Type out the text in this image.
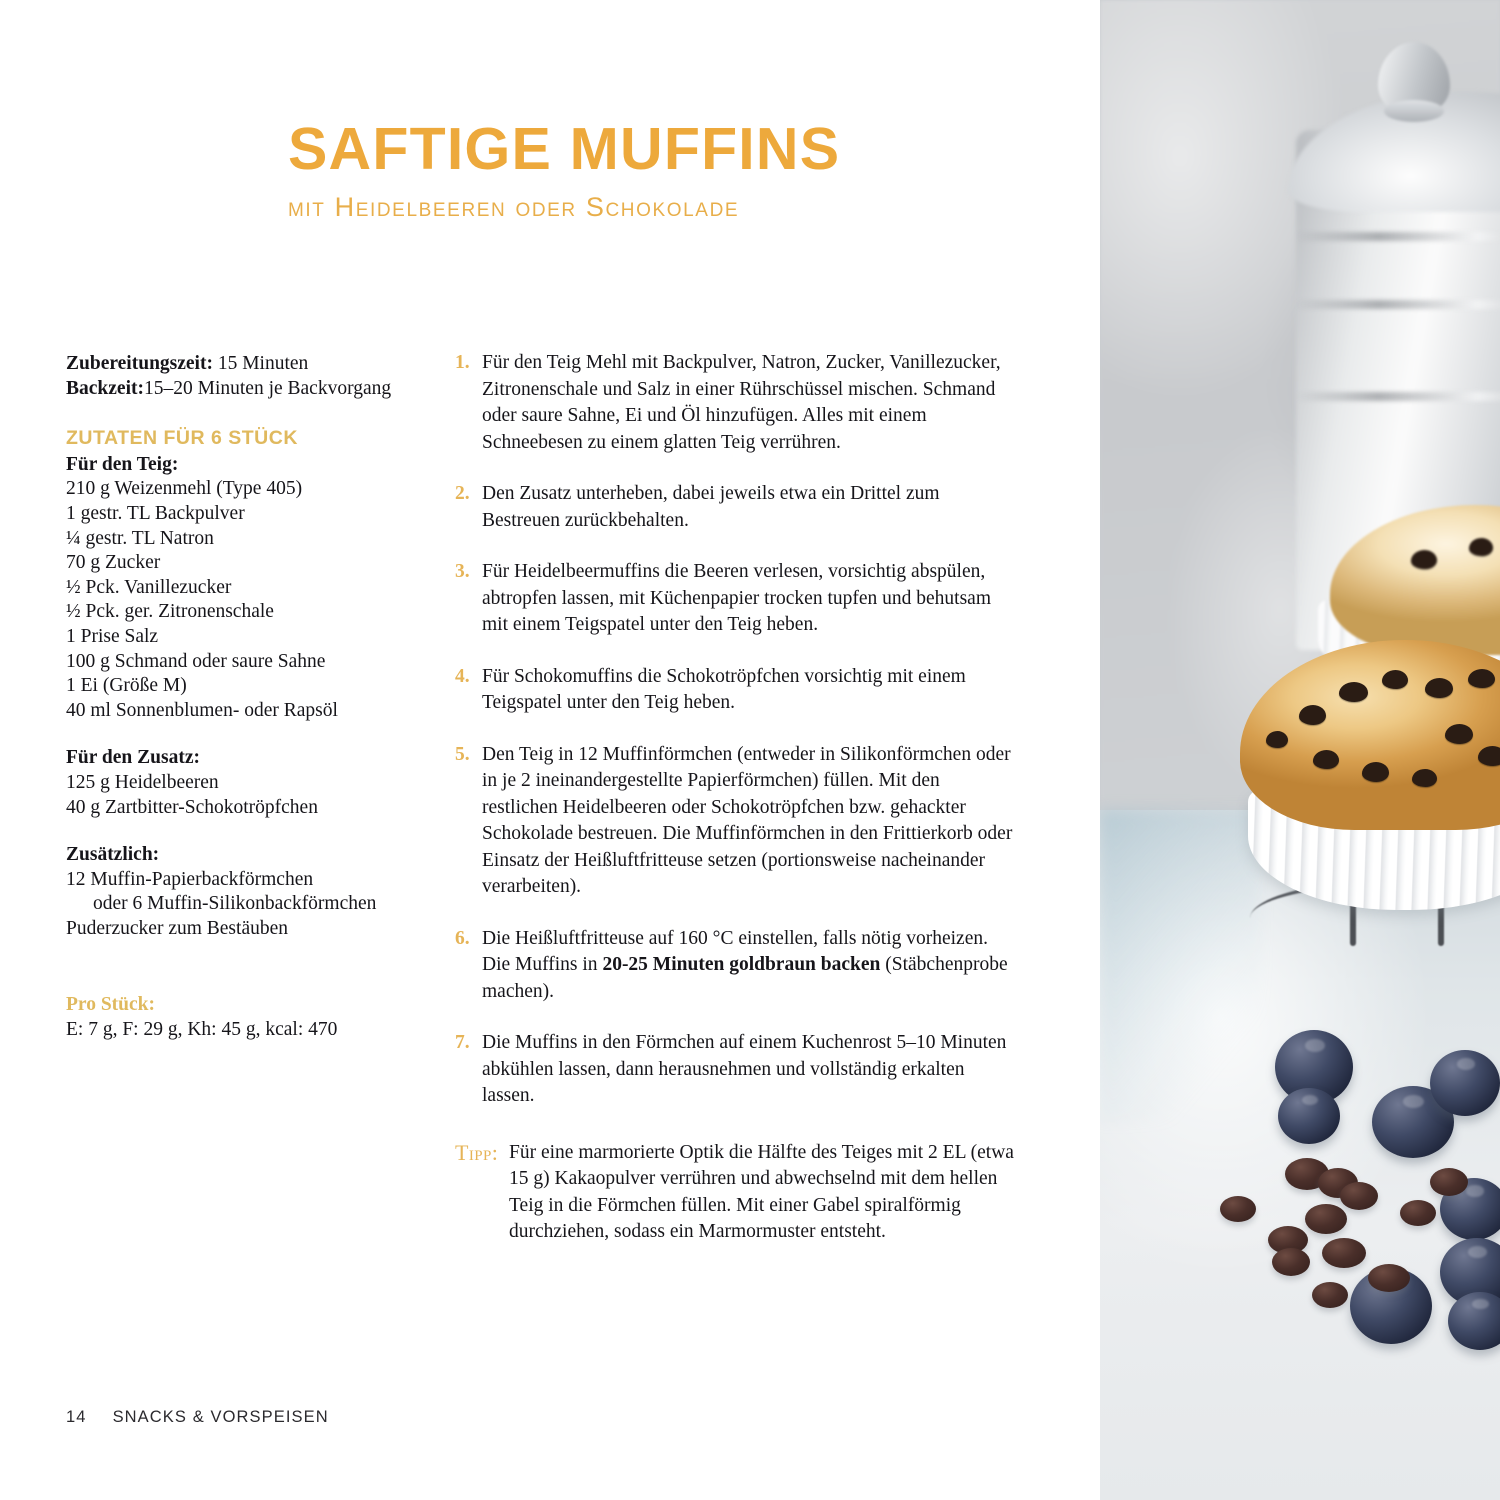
SAFTIGE MUFFINS
mit Heidelbeeren oder Schokolade
Zubereitungszeit: 15 Minuten
Backzeit:15–20 Minuten je Backvorgang
ZUTATEN FÜR 6 STÜCK
Für den Teig:
210 g Weizenmehl (Type 405)
1 gestr. TL Backpulver
¼ gestr. TL Natron
70 g Zucker
½ Pck. Vanillezucker
½ Pck. ger. Zitronenschale
1 Prise Salz
100 g Schmand oder saure Sahne
1 Ei (Größe M)
40 ml Sonnenblumen- oder Rapsöl
Für den Zusatz:
125 g Heidelbeeren
40 g Zartbitter-Schokotröpfchen
Zusätzlich:
12 Muffin-Papierbackförmchen
oder 6 Muffin-Silikonbackförmchen
Puderzucker zum Bestäuben
Pro Stück:
E: 7 g, F: 29 g, Kh: 45 g, kcal: 470
1. Für den Teig Mehl mit Backpulver, Natron, Zucker, Vanillezucker, Zitronenschale und Salz in einer Rührschüssel mischen. Schmand oder saure Sahne, Ei und Öl hinzufügen. Alles mit einem Schneebesen zu einem glatten Teig verrühren.
2. Den Zusatz unterheben, dabei jeweils etwa ein Drittel zum Bestreuen zurückbehalten.
3. Für Heidelbeermuffins die Beeren verlesen, vorsichtig abspülen, abtropfen lassen, mit Küchenpapier trocken tupfen und behutsam mit einem Teigspatel unter den Teig heben.
4. Für Schokomuffins die Schokotröpfchen vorsichtig mit einem Teigspatel unter den Teig heben.
5. Den Teig in 12 Muffinförmchen (entweder in Silikonförmchen oder in je 2 ineinandergestellte Papierförmchen) füllen. Mit den restlichen Heidelbeeren oder Schokotröpfchen bzw. gehackter Schokolade bestreuen. Die Muffinförmchen in den Frittierkorb oder Einsatz der Heißluftfritteuse setzen (portionsweise nacheinander verarbeiten).
6. Die Heißluftfritteuse auf 160 °C einstellen, falls nötig vorheizen. Die Muffins in 20-25 Minuten goldbraun backen (Stäbchenprobe machen).
7. Die Muffins in den Förmchen auf einem Kuchenrost 5–10 Minuten abkühlen lassen, dann herausnehmen und vollständig erkalten lassen.
Tipp: Für eine marmorierte Optik die Hälfte des Teiges mit 2 EL (etwa 15 g) Kakaopulver verrühren und abwechselnd mit dem hellen Teig in die Förmchen füllen. Mit einer Gabel spiralförmig durchziehen, sodass ein Marmormuster entsteht.
14 SNACKS & VORSPEISEN
